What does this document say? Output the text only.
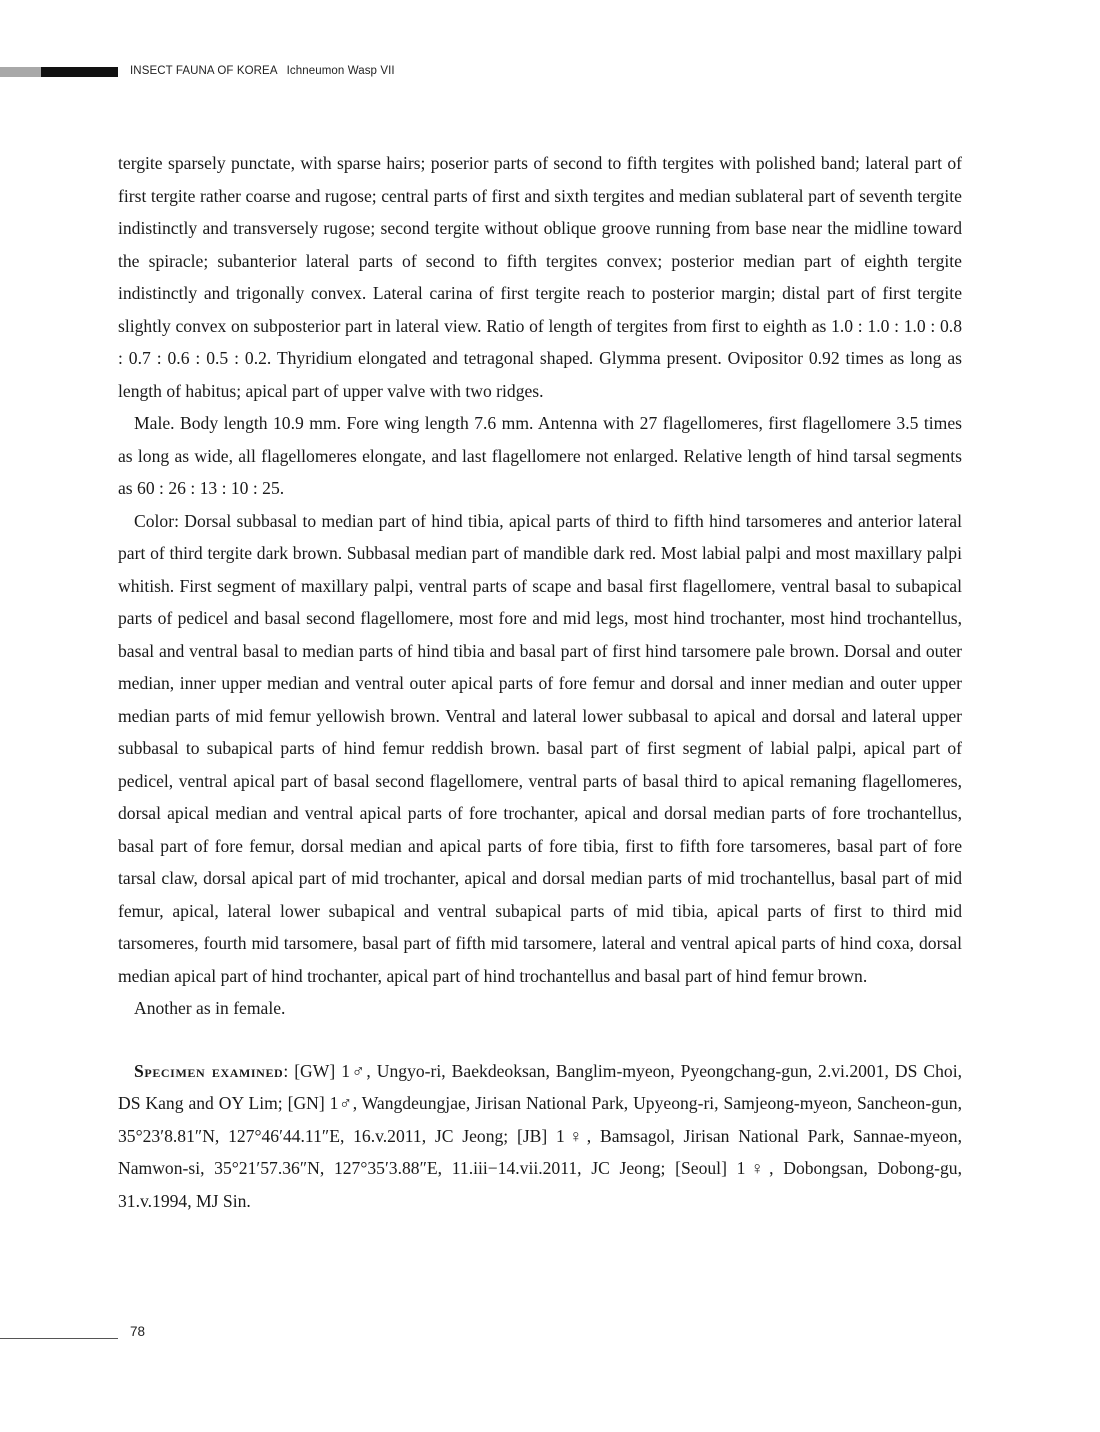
INSECT FAUNA OF KOREA Ichneumon Wasp VII

tergite sparsely punctate, with sparse hairs; poserior parts of second to fifth tergites with polished band; lateral part of first tergite rather coarse and rugose; central parts of first and sixth tergites and median sublateral part of seventh tergite indistinctly and transversely rugose; second tergite without oblique groove running from base near the midline toward the spiracle; subanterior lateral parts of second to fifth tergites convex; posterior median part of eighth tergite indistinctly and trigonally convex. Lateral carina of first tergite reach to posterior margin; distal part of first tergite slightly convex on subposterior part in lateral view. Ratio of length of tergites from first to eighth as 1.0 : 1.0 : 1.0 : 0.8 : 0.7 : 0.6 : 0.5 : 0.2. Thyridium elongated and tetragonal shaped. Glymma present. Ovipositor 0.92 times as long as length of habitus; apical part of upper valve with two ridges.

Male. Body length 10.9 mm. Fore wing length 7.6 mm. Antenna with 27 flagellomeres, first flagellomere 3.5 times as long as wide, all flagellomeres elongate, and last flagellomere not enlarged. Relative length of hind tarsal segments as 60 : 26 : 13 : 10 : 25.

Color: Dorsal subbasal to median part of hind tibia, apical parts of third to fifth hind tarsomeres and anterior lateral part of third tergite dark brown. Subbasal median part of mandible dark red. Most labial palpi and most maxillary palpi whitish. First segment of maxillary palpi, ventral parts of scape and basal first flagellomere, ventral basal to subapical parts of pedicel and basal second flagellomere, most fore and mid legs, most hind trochanter, most hind trochantellus, basal and ventral basal to median parts of hind tibia and basal part of first hind tarsomere pale brown. Dorsal and outer median, inner upper median and ventral outer apical parts of fore femur and dorsal and inner median and outer upper median parts of mid femur yellowish brown. Ventral and lateral lower subbasal to apical and dorsal and lateral upper subbasal to subapical parts of hind femur reddish brown. basal part of first segment of labial palpi, apical part of pedicel, ventral apical part of basal second flagellomere, ventral parts of basal third to apical remaning flagellomeres, dorsal apical median and ventral apical parts of fore trochanter, apical and dorsal median parts of fore trochantellus, basal part of fore femur, dorsal median and apical parts of fore tibia, first to fifth fore tarsomeres, basal part of fore tarsal claw, dorsal apical part of mid trochanter, apical and dorsal median parts of mid trochantellus, basal part of mid femur, apical, lateral lower subapical and ventral subapical parts of mid tibia, apical parts of first to third mid tarsomeres, fourth mid tarsomere, basal part of fifth mid tarsomere, lateral and ventral apical parts of hind coxa, dorsal median apical part of hind trochanter, apical part of hind trochantellus and basal part of hind femur brown.

Another as in female.

Specimen examined: [GW] 1♂, Ungyo-ri, Baekdeoksan, Banglim-myeon, Pyeongchang-gun, 2.vi.2001, DS Choi, DS Kang and OY Lim; [GN] 1♂, Wangdeungjae, Jirisan National Park, Upyeong-ri, Samjeong-myeon, Sancheon-gun, 35°23′8.81″N, 127°46′44.11″E, 16.v.2011, JC Jeong; [JB] 1♀, Bamsagol, Jirisan National Park, Sannae-myeon, Namwon-si, 35°21′57.36″N, 127°35′3.88″E, 11.iii−14.vii.2011, JC Jeong; [Seoul] 1♀, Dobongsan, Dobong-gu, 31.v.1994, MJ Sin.

78
